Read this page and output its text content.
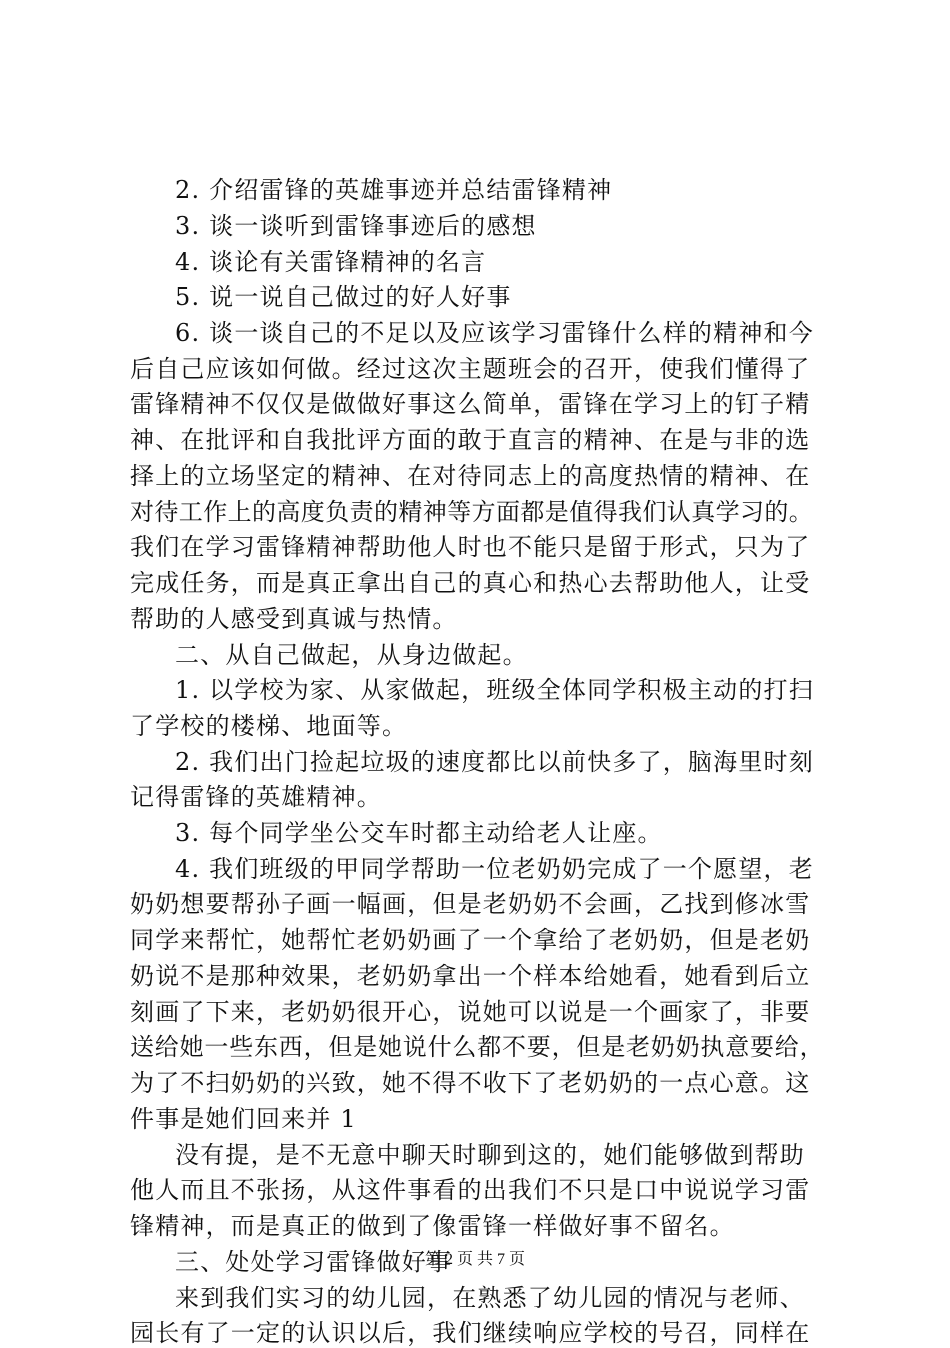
2. 介绍雷锋的英雄事迹并总结雷锋精神
3. 谈一谈听到雷锋事迹后的感想
4. 谈论有关雷锋精神的名言
5. 说一说自己做过的好人好事
6. 谈一谈自己的不足以及应该学习雷锋什么样的精神和今
后自己应该如何做。经过这次主题班会的召开，使我们懂得了
雷锋精神不仅仅是做做好事这么简单，雷锋在学习上的钉子精
神、在批评和自我批评方面的敢于直言的精神、在是与非的选
择上的立场坚定的精神、在对待同志上的高度热情的精神、在
对待工作上的高度负责的精神等方面都是值得我们认真学习的。
我们在学习雷锋精神帮助他人时也不能只是留于形式，只为了
完成任务，而是真正拿出自己的真心和热心去帮助他人，让受
帮助的人感受到真诚与热情。
二、从自己做起，从身边做起。
1. 以学校为家、从家做起，班级全体同学积极主动的打扫
了学校的楼梯、地面等。
2. 我们出门捡起垃圾的速度都比以前快多了，脑海里时刻
记得雷锋的英雄精神。
3. 每个同学坐公交车时都主动给老人让座。
4. 我们班级的甲同学帮助一位老奶奶完成了一个愿望，老
奶奶想要帮孙子画一幅画，但是老奶奶不会画，乙找到修冰雪
同学来帮忙，她帮忙老奶奶画了一个拿给了老奶奶，但是老奶
奶说不是那种效果，老奶奶拿出一个样本给她看，她看到后立
刻画了下来，老奶奶很开心，说她可以说是一个画家了，非要
送给她一些东西，但是她说什么都不要，但是老奶奶执意要给，
为了不扫奶奶的兴致，她不得不收下了老奶奶的一点心意。这
件事是她们回来并 1
没有提，是不无意中聊天时聊到这的，她们能够做到帮助
他人而且不张扬，从这件事看的出我们不只是口中说说学习雷
锋精神，而是真正的做到了像雷锋一样做好事不留名。
三、处处学习雷锋做好事
来到我们实习的幼儿园，在熟悉了幼儿园的情况与老师、
园长有了一定的认识以后，我们继续响应学校的号召，同样在
第 2 页 共 7 页
